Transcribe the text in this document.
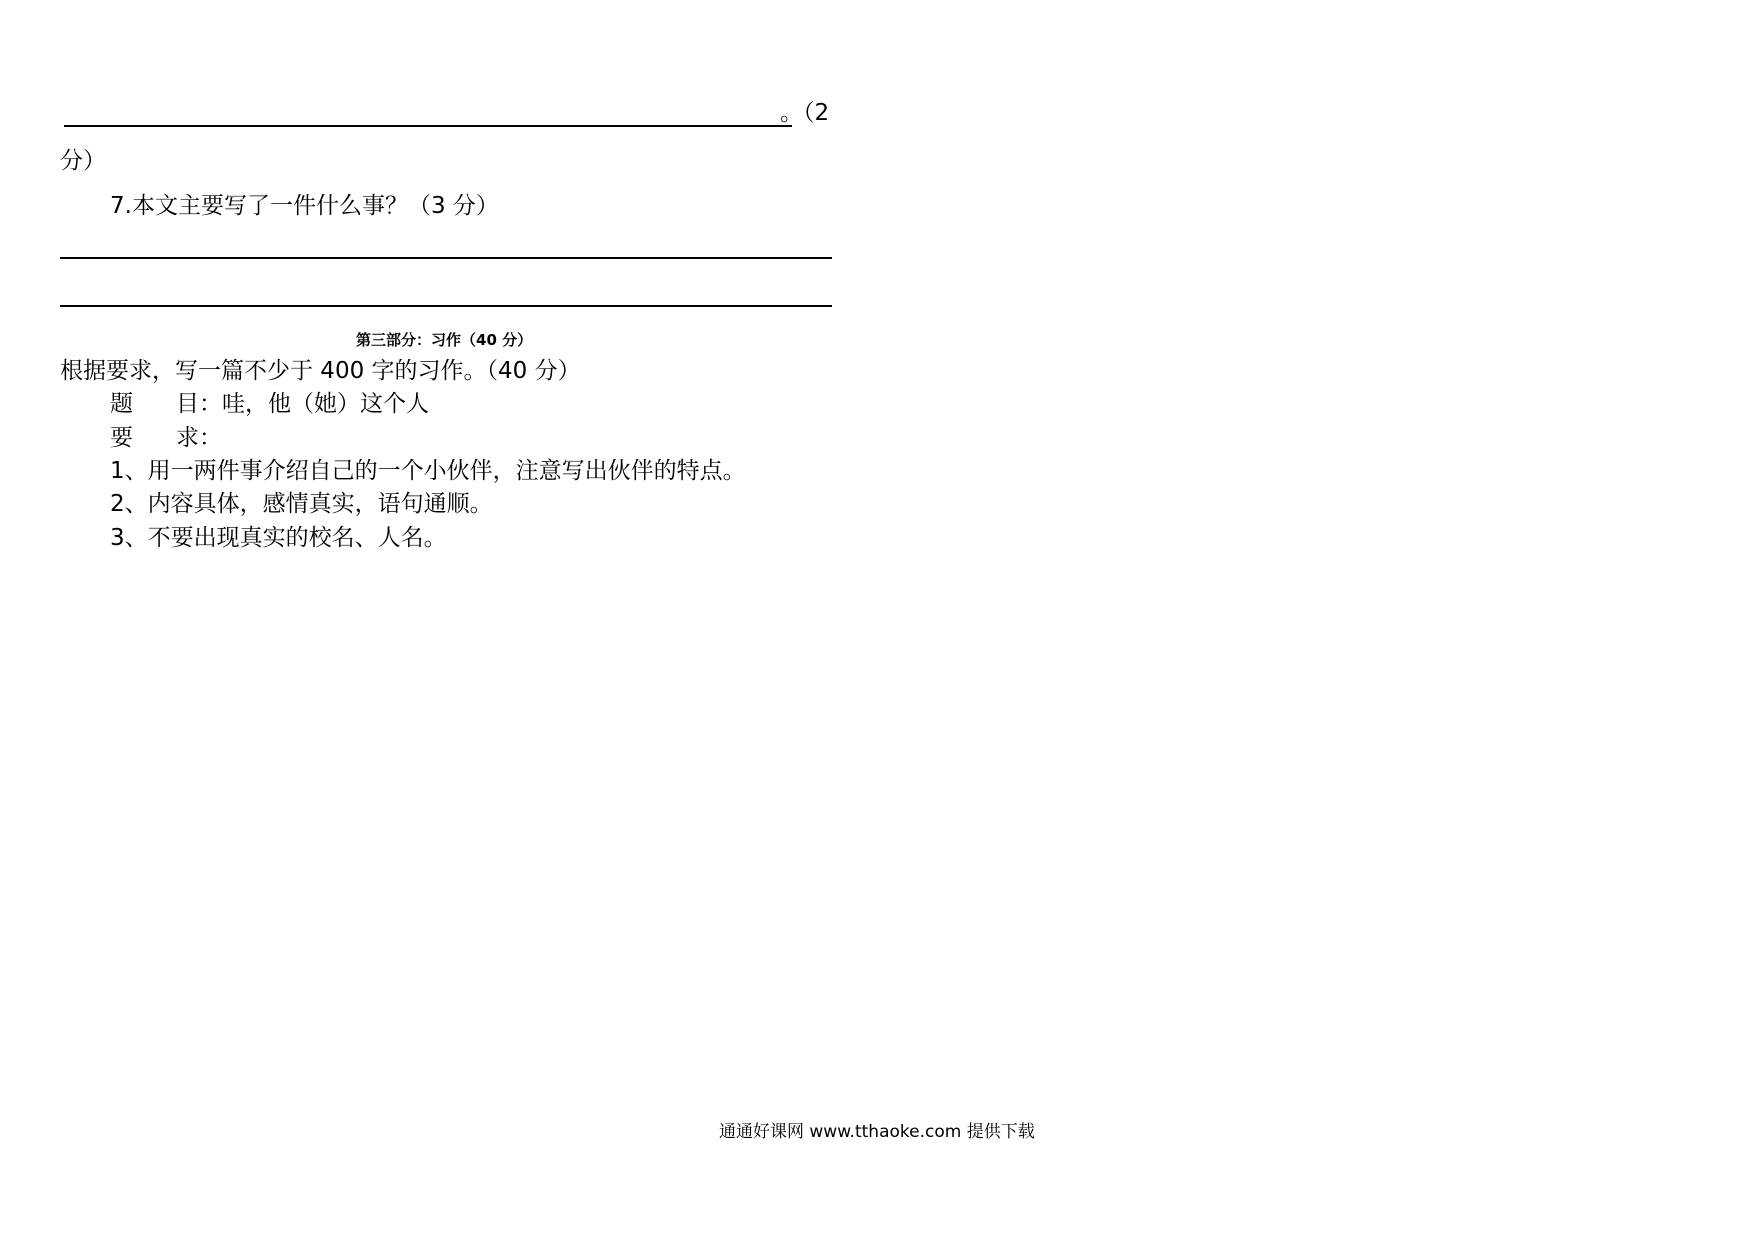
。（2
分）
7.本文主要写了一件什么事？（3 分）
第三部分：习作（40 分）
根据要求，写一篇不少于 400 字的习作。（40 分）
题 目：哇，他（她）这个人
要 求：
1、用一两件事介绍自己的一个小伙伴，注意写出伙伴的特点。
2、内容具体，感情真实，语句通顺。
3、不要出现真实的校名、人名。
通通好课网 www.tthaoke.com 提供下载
